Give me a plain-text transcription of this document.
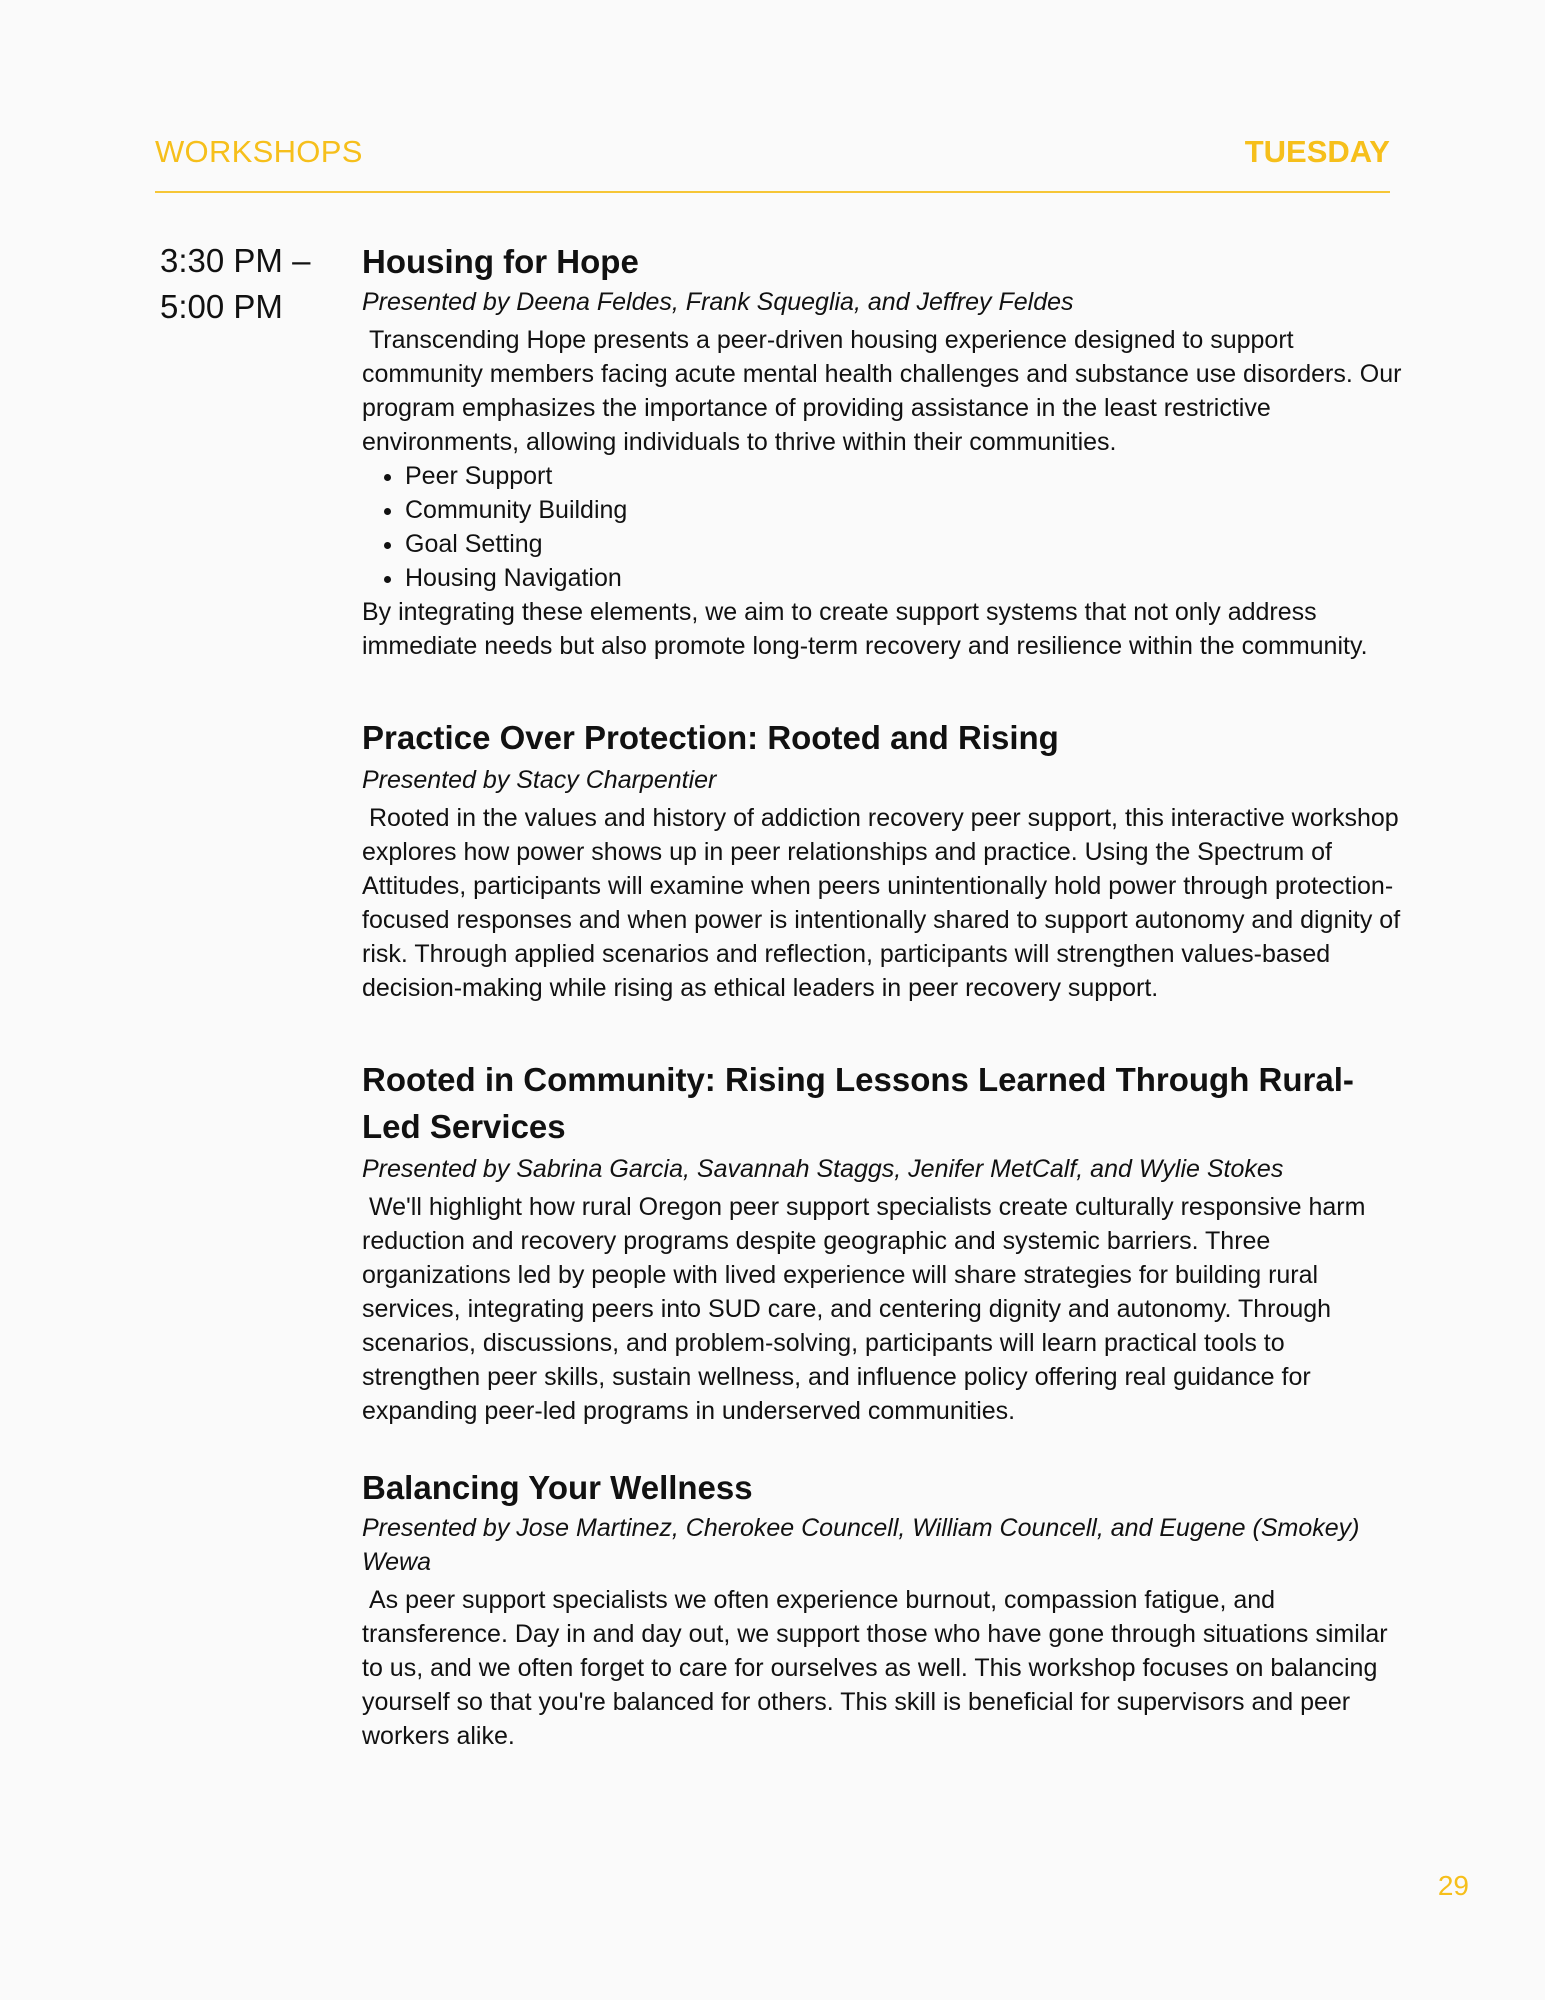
WORKSHOPS	TUESDAY
3:30 PM –
5:00 PM
Housing for Hope

Presented by Deena Feldes, Frank Squeglia, and Jeffrey Feldes

Transcending Hope presents a peer-driven housing experience designed to support community members facing acute mental health challenges and substance use disorders. Our program emphasizes the importance of providing assistance in the least restrictive environments, allowing individuals to thrive within their communities.

• Peer Support
• Community Building
• Goal Setting
• Housing Navigation

By integrating these elements, we aim to create support systems that not only address immediate needs but also promote long-term recovery and resilience within the community.

Practice Over Protection: Rooted and Rising

Presented by Stacy Charpentier

Rooted in the values and history of addiction recovery peer support, this interactive workshop explores how power shows up in peer relationships and practice. Using the Spectrum of Attitudes, participants will examine when peers unintentionally hold power through protection-focused responses and when power is intentionally shared to support autonomy and dignity of risk. Through applied scenarios and reflection, participants will strengthen values-based decision-making while rising as ethical leaders in peer recovery support.

Rooted in Community: Rising Lessons Learned Through Rural-Led Services

Presented by Sabrina Garcia, Savannah Staggs, Jenifer MetCalf, and Wylie Stokes

We'll highlight how rural Oregon peer support specialists create culturally responsive harm reduction and recovery programs despite geographic and systemic barriers. Three organizations led by people with lived experience will share strategies for building rural services, integrating peers into SUD care, and centering dignity and autonomy. Through scenarios, discussions, and problem-solving, participants will learn practical tools to strengthen peer skills, sustain wellness, and influence policy offering real guidance for expanding peer-led programs in underserved communities.

Balancing Your Wellness

Presented by Jose Martinez, Cherokee Councell, William Councell, and Eugene (Smokey) Wewa

As peer support specialists we often experience burnout, compassion fatigue, and transference. Day in and day out, we support those who have gone through situations similar to us, and we often forget to care for ourselves as well. This workshop focuses on balancing yourself so that you're balanced for others. This skill is beneficial for supervisors and peer workers alike.

29
